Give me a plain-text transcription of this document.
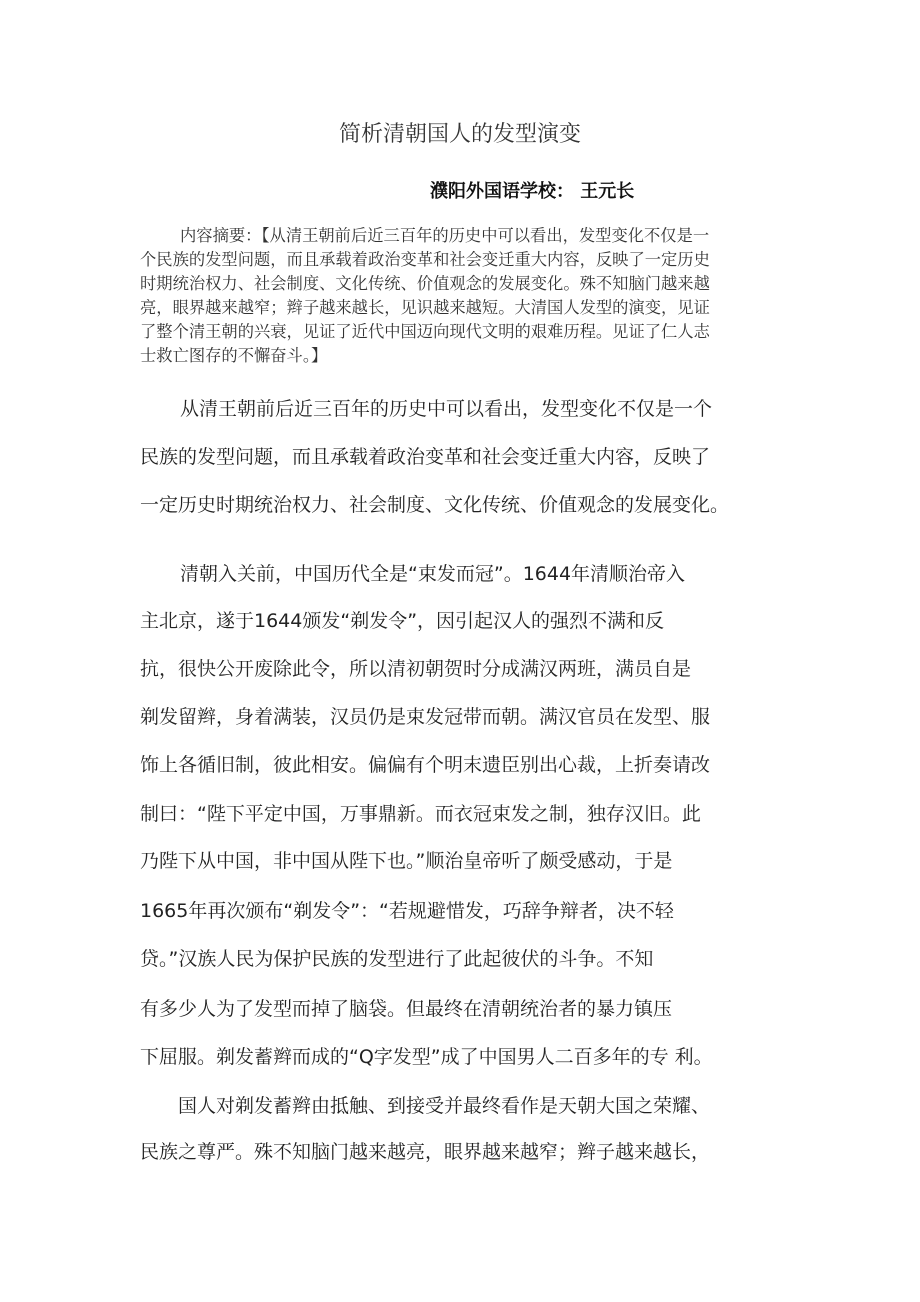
简析清朝国人的发型演变
濮阳外国语学校： 王元长
内容摘要：【从清王朝前后近三百年的历史中可以看出，发型变化不仅是一
个民族的发型问题，而且承载着政治变革和社会变迁重大内容，反映了一定历史
时期统治权力、社会制度、文化传统、价值观念的发展变化。殊不知脑门越来越
亮，眼界越来越窄；辫子越来越长，见识越来越短。大清国人发型的演变，见证
了整个清王朝的兴衰，见证了近代中国迈向现代文明的艰难历程。见证了仁人志
士救亡图存的不懈奋斗。】
从清王朝前后近三百年的历史中可以看出，发型变化不仅是一个
民族的发型问题，而且承载着政治变革和社会变迁重大内容，反映了
一定历史时期统治权力、社会制度、文化传统、价值观念的发展变化。
清朝入关前，中国历代全是“束发而冠”。1644年清顺治帝入
主北京，遂于1644颁发“剃发令”，因引起汉人的强烈不满和反
抗，很快公开废除此令，所以清初朝贺时分成满汉两班，满员自是
剃发留辫，身着满装，汉员仍是束发冠带而朝。满汉官员在发型、服
饰上各循旧制，彼此相安。偏偏有个明末遗臣别出心裁，上折奏请改
制曰：“陛下平定中国，万事鼎新。而衣冠束发之制，独存汉旧。此
乃陛下从中国，非中国从陛下也。”顺治皇帝听了颇受感动，于是
1665年再次颁布“剃发令”：“若规避惜发，巧辞争辩者，决不轻
贷。”汉族人民为保护民族的发型进行了此起彼伏的斗争。不知
有多少人为了发型而掉了脑袋。但最终在清朝统治者的暴力镇压
下屈服。剃发蓄辫而成的“Q字发型”成了中国男人二百多年的专 利。
国人对剃发蓄辫由抵触、到接受并最终看作是天朝大国之荣耀、
民族之尊严。殊不知脑门越来越亮，眼界越来越窄；辫子越来越长，
